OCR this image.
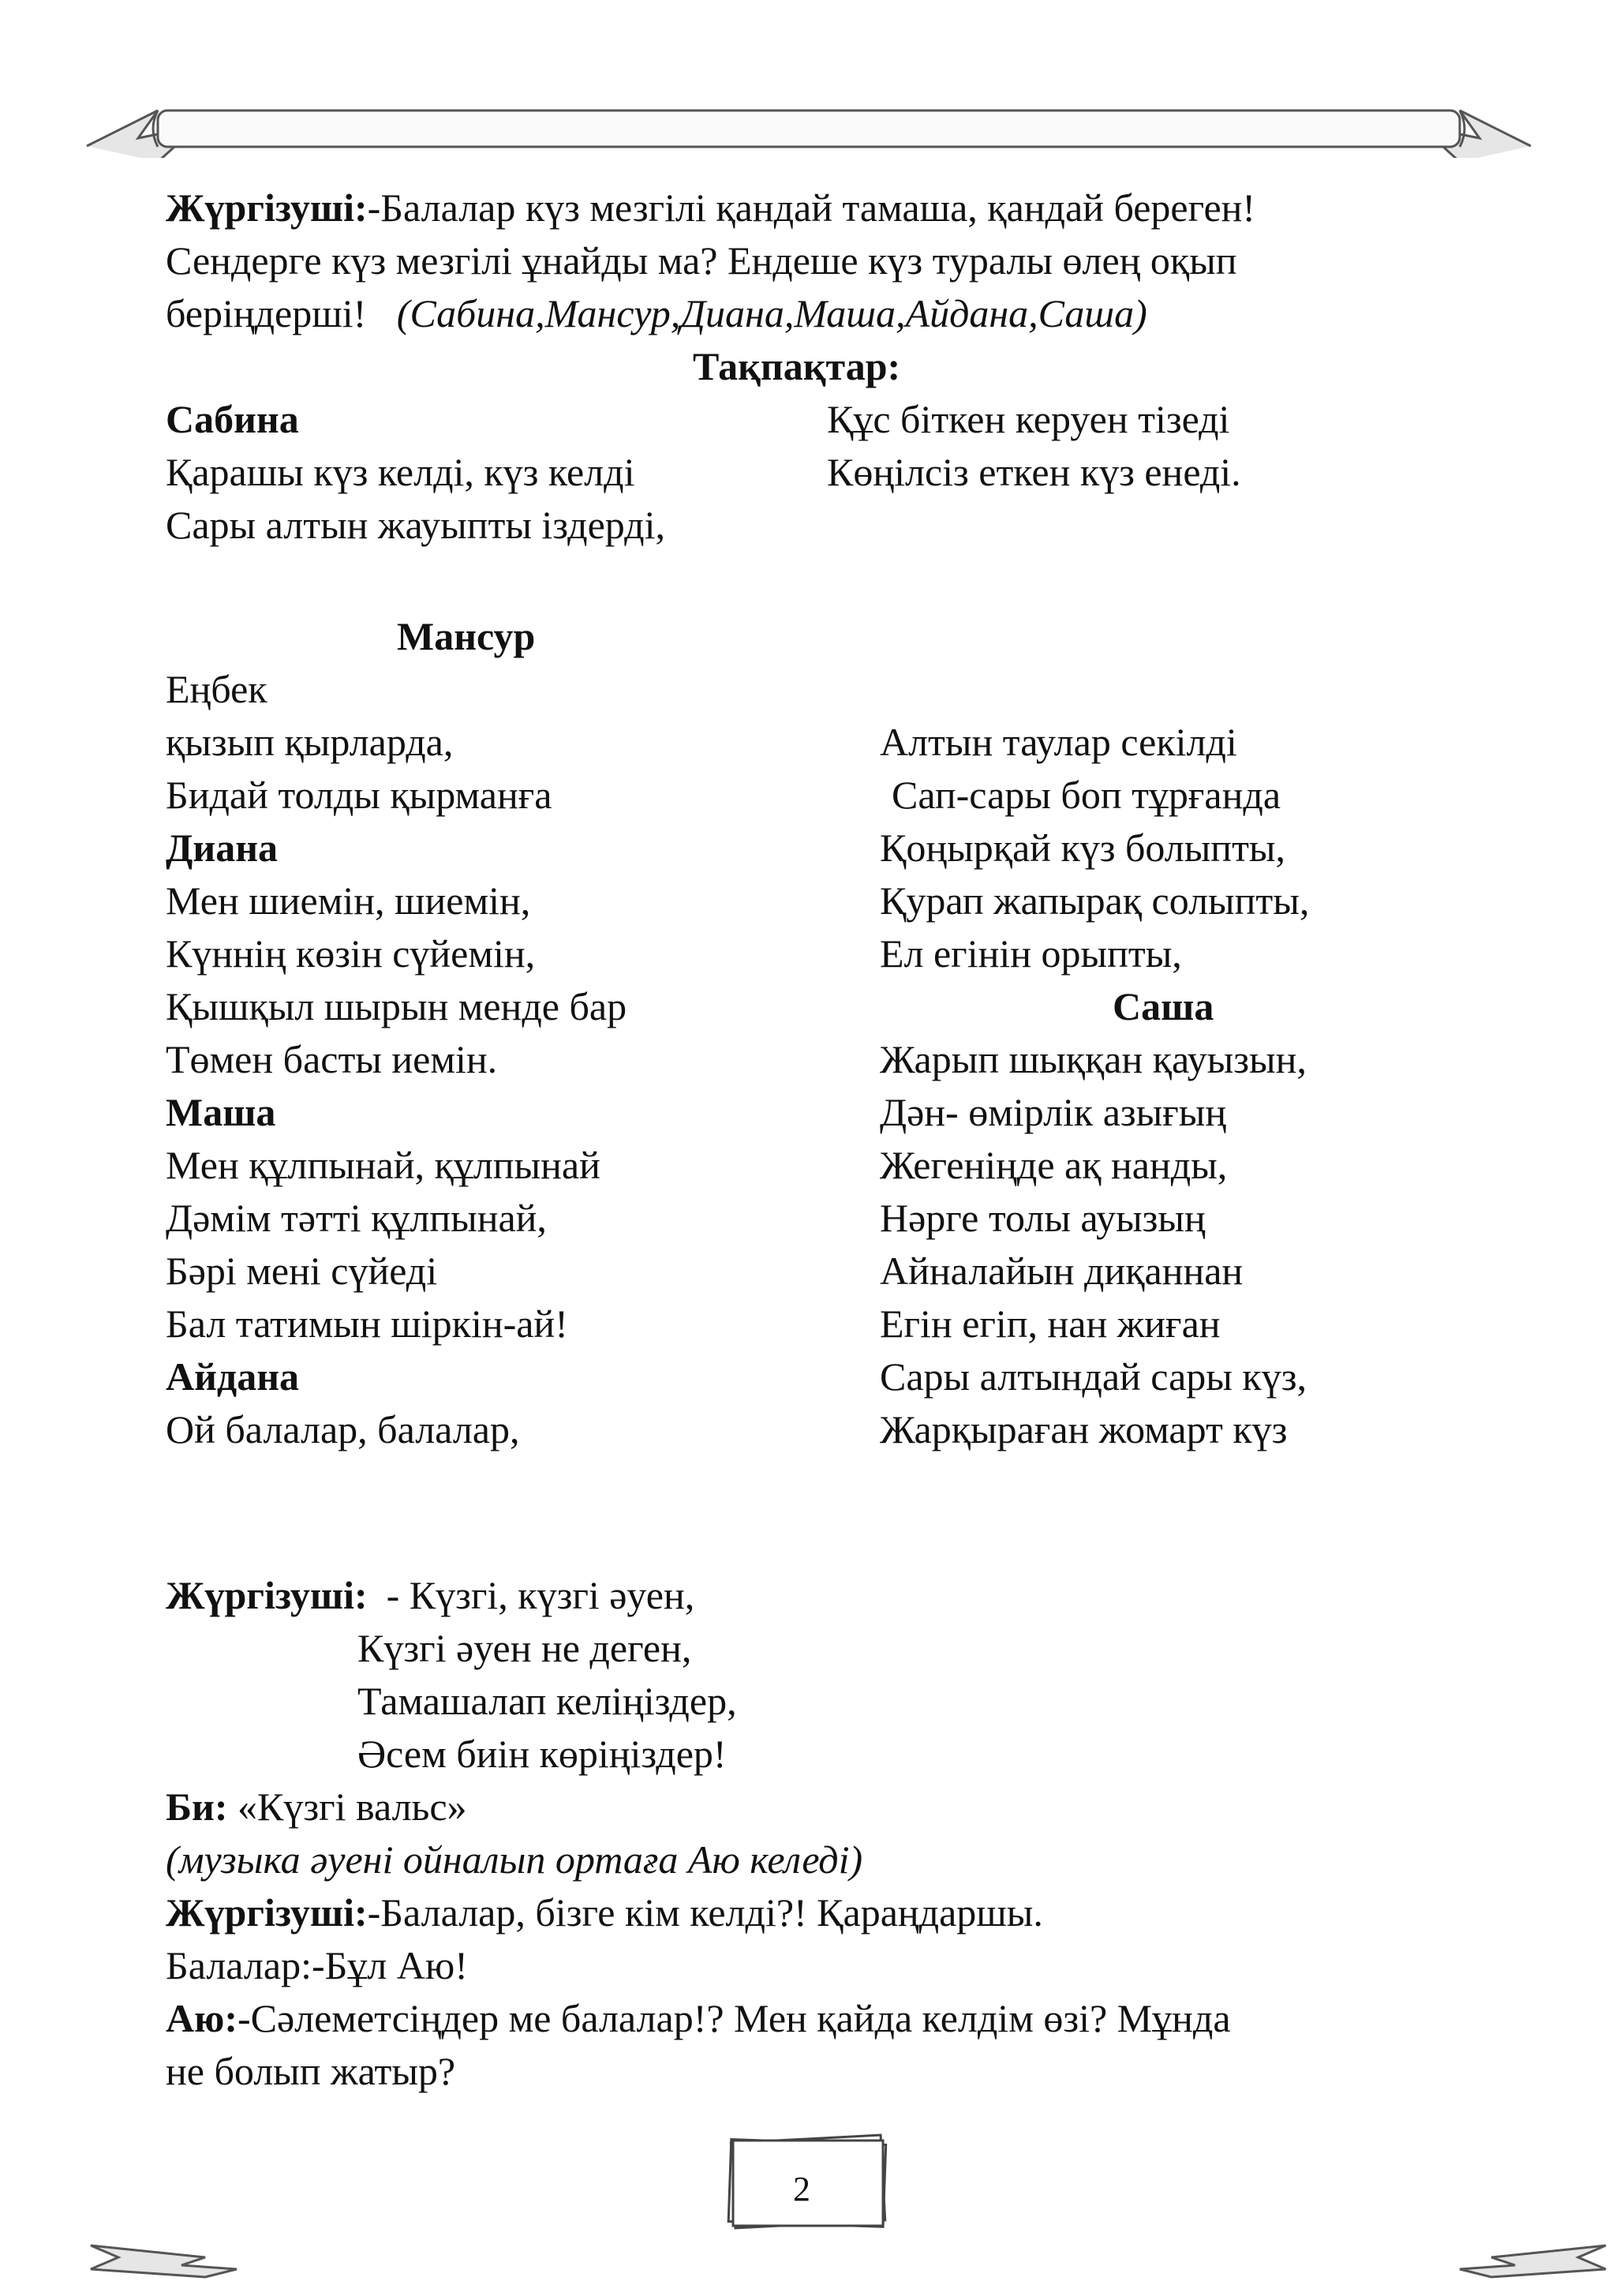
Жүргізуші:-Балалар күз мезгілі қандай тамаша, қандай береген!
Сендерге күз мезгілі ұнайды ма? Ендеше күз туралы өлең оқып
беріңдерші! (Сабина,Мансур,Диана,Маша,Айдана,Саша)
Тақпақтар:
Сабина
Қарашы күз келді, күз келді
Сары алтын жауыпты іздерді,
Құс біткен керуен тізеді
Көңілсіз еткен күз енеді.
Мансур
Еңбек
қызып қырларда,
Бидай толды қырманға
Алтын таулар секілді
Сап-сары боп тұрғанда
Диана
Мен шиемін, шиемін,
Күннің көзін сүйемін,
Қышқыл шырын менде бар
Төмен басты иемін.
Маша
Мен құлпынай, құлпынай
Дәмім тәтті құлпынай,
Бәрі мені сүйеді
Бал татимын шіркін-ай!
Айдана
Ой балалар, балалар,
Қоңырқай күз болыпты,
Қурап жапырақ солыпты,
Ел егінін орыпты,
Саша
Жарып шыққан қауызын,
Дән- өмірлік азығың
Жегеніңде ақ нанды,
Нәрге толы ауызың
Айналайын диқаннан
Егін егіп, нан жиған
Сары алтындай сары күз,
Жарқыраған жомарт күз
Жүргізуші: - Күзгі, күзгі әуен,
Күзгі әуен не деген,
Тамашалап келіңіздер,
Әсем биін көріңіздер!
Би: «Күзгі вальс»
(музыка әуені ойналып ортаға Аю келеді)
Жүргізуші:-Балалар, бізге кім келді?! Қараңдаршы.
Балалар:-Бұл Аю!
Аю:-Сәлеметсіңдер ме балалар!? Мен қайда келдім өзі? Мұнда
не болып жатыр?
2
